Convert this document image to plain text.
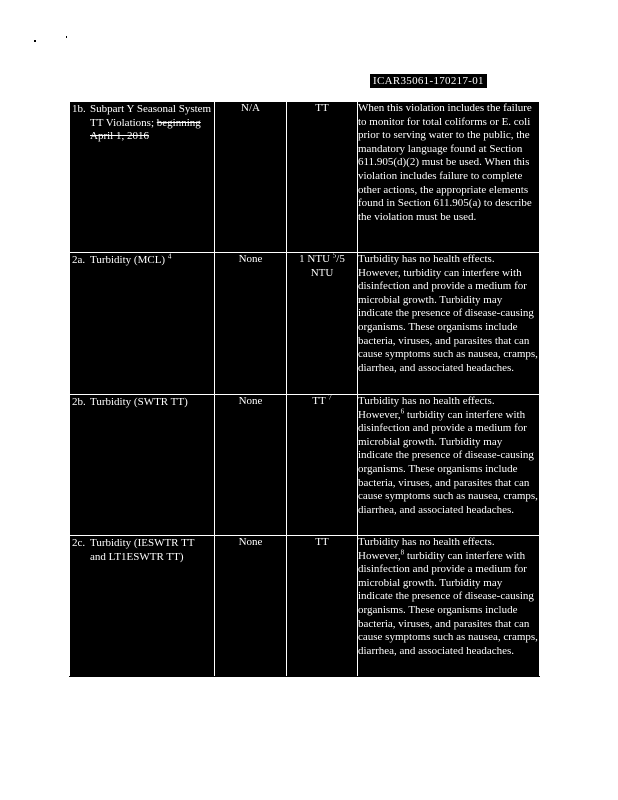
ICAR35061-170217-01
1b. Subpart Y Seasonal System TT Violations; beginning April 1, 2016	N/A	TT	When this violation includes the failure to monitor for total coliforms or E. coli prior to serving water to the public, the mandatory language found at Section 611.905(d)(2) must be used. When this violation includes failure to complete other actions, the appropriate elements found in Section 611.905(a) to describe the violation must be used.

2a. Turbidity (MCL) $^4$	None	1 NTU $^5$/5 NTU	Turbidity has no health effects. However, turbidity can interfere with disinfection and provide a medium for microbial growth. Turbidity may indicate the presence of disease-causing organisms. These organisms include bacteria, viruses, and parasites that can cause symptoms such as nausea, cramps, diarrhea, and associated headaches.

2b. Turbidity (SWTR TT)	None	TT $^7$	Turbidity has no health effects. However,$^6$ turbidity can interfere with disinfection and provide a medium for microbial growth. Turbidity may indicate the presence of disease-causing organisms. These organisms include bacteria, viruses, and parasites that can cause symptoms such as nausea, cramps, diarrhea, and associated headaches.

2c. Turbidity (IESWTR TT and LT1ESWTR TT)	None	TT	Turbidity has no health effects. However,$^8$ turbidity can interfere with disinfection and provide a medium for microbial growth. Turbidity may indicate the presence of disease-causing organisms. These organisms include bacteria, viruses, and parasites that can cause symptoms such as nausea, cramps, diarrhea, and associated headaches.
